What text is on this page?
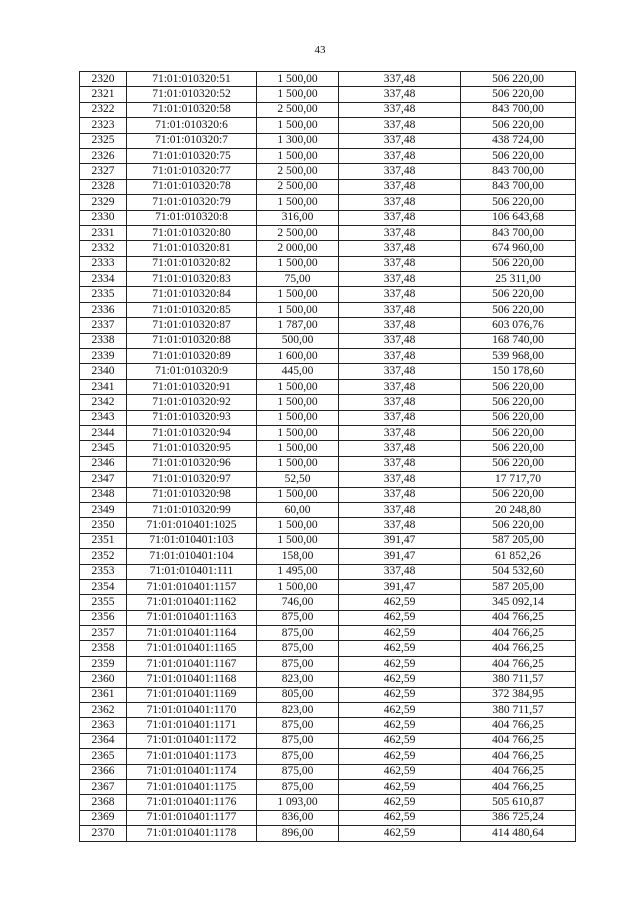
43
2320	71:01:010320:51	1 500,00	337,48	506 220,00
2321	71:01:010320:52	1 500,00	337,48	506 220,00
2322	71:01:010320:58	2 500,00	337,48	843 700,00
2323	71:01:010320:6	1 500,00	337,48	506 220,00
2325	71:01:010320:7	1 300,00	337,48	438 724,00
2326	71:01:010320:75	1 500,00	337,48	506 220,00
2327	71:01:010320:77	2 500,00	337,48	843 700,00
2328	71:01:010320:78	2 500,00	337,48	843 700,00
2329	71:01:010320:79	1 500,00	337,48	506 220,00
2330	71:01:010320:8	316,00	337,48	106 643,68
2331	71:01:010320:80	2 500,00	337,48	843 700,00
2332	71:01:010320:81	2 000,00	337,48	674 960,00
2333	71:01:010320:82	1 500,00	337,48	506 220,00
2334	71:01:010320:83	75,00	337,48	25 311,00
2335	71:01:010320:84	1 500,00	337,48	506 220,00
2336	71:01:010320:85	1 500,00	337,48	506 220,00
2337	71:01:010320:87	1 787,00	337,48	603 076,76
2338	71:01:010320:88	500,00	337,48	168 740,00
2339	71:01:010320:89	1 600,00	337,48	539 968,00
2340	71:01:010320:9	445,00	337,48	150 178,60
2341	71:01:010320:91	1 500,00	337,48	506 220,00
2342	71:01:010320:92	1 500,00	337,48	506 220,00
2343	71:01:010320:93	1 500,00	337,48	506 220,00
2344	71:01:010320:94	1 500,00	337,48	506 220,00
2345	71:01:010320:95	1 500,00	337,48	506 220,00
2346	71:01:010320:96	1 500,00	337,48	506 220,00
2347	71:01:010320:97	52,50	337,48	17 717,70
2348	71:01:010320:98	1 500,00	337,48	506 220,00
2349	71:01:010320:99	60,00	337,48	20 248,80
2350	71:01:010401:1025	1 500,00	337,48	506 220,00
2351	71:01:010401:103	1 500,00	391,47	587 205,00
2352	71:01:010401:104	158,00	391,47	61 852,26
2353	71:01:010401:111	1 495,00	337,48	504 532,60
2354	71:01:010401:1157	1 500,00	391,47	587 205,00
2355	71:01:010401:1162	746,00	462,59	345 092,14
2356	71:01:010401:1163	875,00	462,59	404 766,25
2357	71:01:010401:1164	875,00	462,59	404 766,25
2358	71:01:010401:1165	875,00	462,59	404 766,25
2359	71:01:010401:1167	875,00	462,59	404 766,25
2360	71:01:010401:1168	823,00	462,59	380 711,57
2361	71:01:010401:1169	805,00	462,59	372 384,95
2362	71:01:010401:1170	823,00	462,59	380 711,57
2363	71:01:010401:1171	875,00	462,59	404 766,25
2364	71:01:010401:1172	875,00	462,59	404 766,25
2365	71:01:010401:1173	875,00	462,59	404 766,25
2366	71:01:010401:1174	875,00	462,59	404 766,25
2367	71:01:010401:1175	875,00	462,59	404 766,25
2368	71:01:010401:1176	1 093,00	462,59	505 610,87
2369	71:01:010401:1177	836,00	462,59	386 725,24
2370	71:01:010401:1178	896,00	462,59	414 480,64
